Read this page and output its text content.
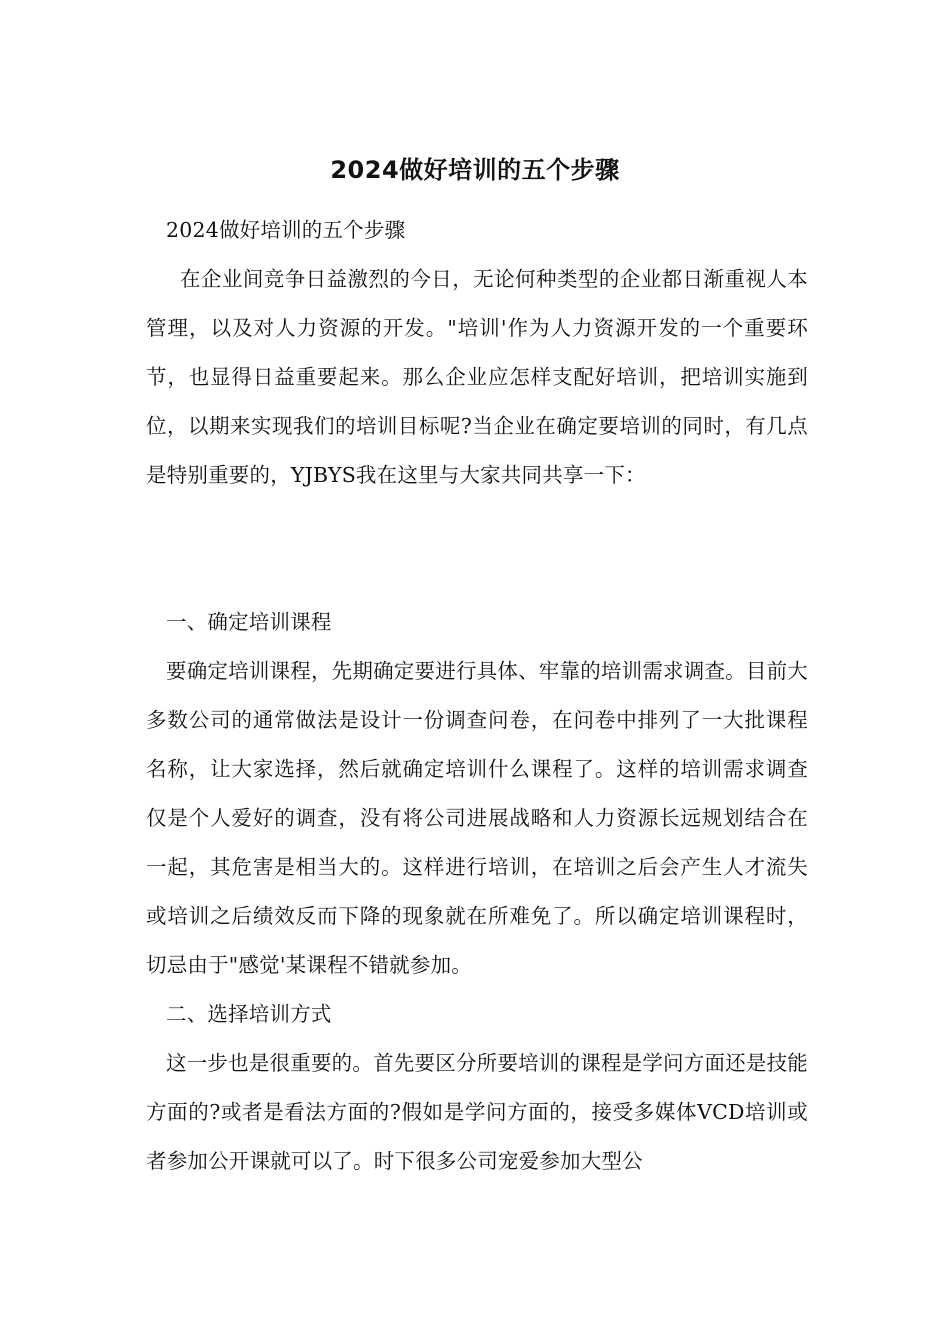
2024做好培训的五个步骤

2024做好培训的五个步骤

在企业间竞争日益激烈的今日，无论何种类型的企业都日渐重视人本管理，以及对人力资源的开发。"培训'作为人力资源开发的一个重要环节，也显得日益重要起来。那么企业应怎样支配好培训，把培训实施到位，以期来实现我们的培训目标呢?当企业在确定要培训的同时，有几点是特别重要的，YJBYS我在这里与大家共同共享一下：

一、确定培训课程

要确定培训课程，先期确定要进行具体、牢靠的培训需求调查。目前大多数公司的通常做法是设计一份调查问卷，在问卷中排列了一大批课程名称，让大家选择，然后就确定培训什么课程了。这样的培训需求调查仅是个人爱好的调查，没有将公司进展战略和人力资源长远规划结合在一起，其危害是相当大的。这样进行培训，在培训之后会产生人才流失或培训之后绩效反而下降的现象就在所难免了。所以确定培训课程时，切忌由于"感觉'某课程不错就参加。

二、选择培训方式

这一步也是很重要的。首先要区分所要培训的课程是学问方面还是技能方面的?或者是看法方面的?假如是学问方面的，接受多媒体VCD培训或者参加公开课就可以了。时下很多公司宠爱参加大型公
